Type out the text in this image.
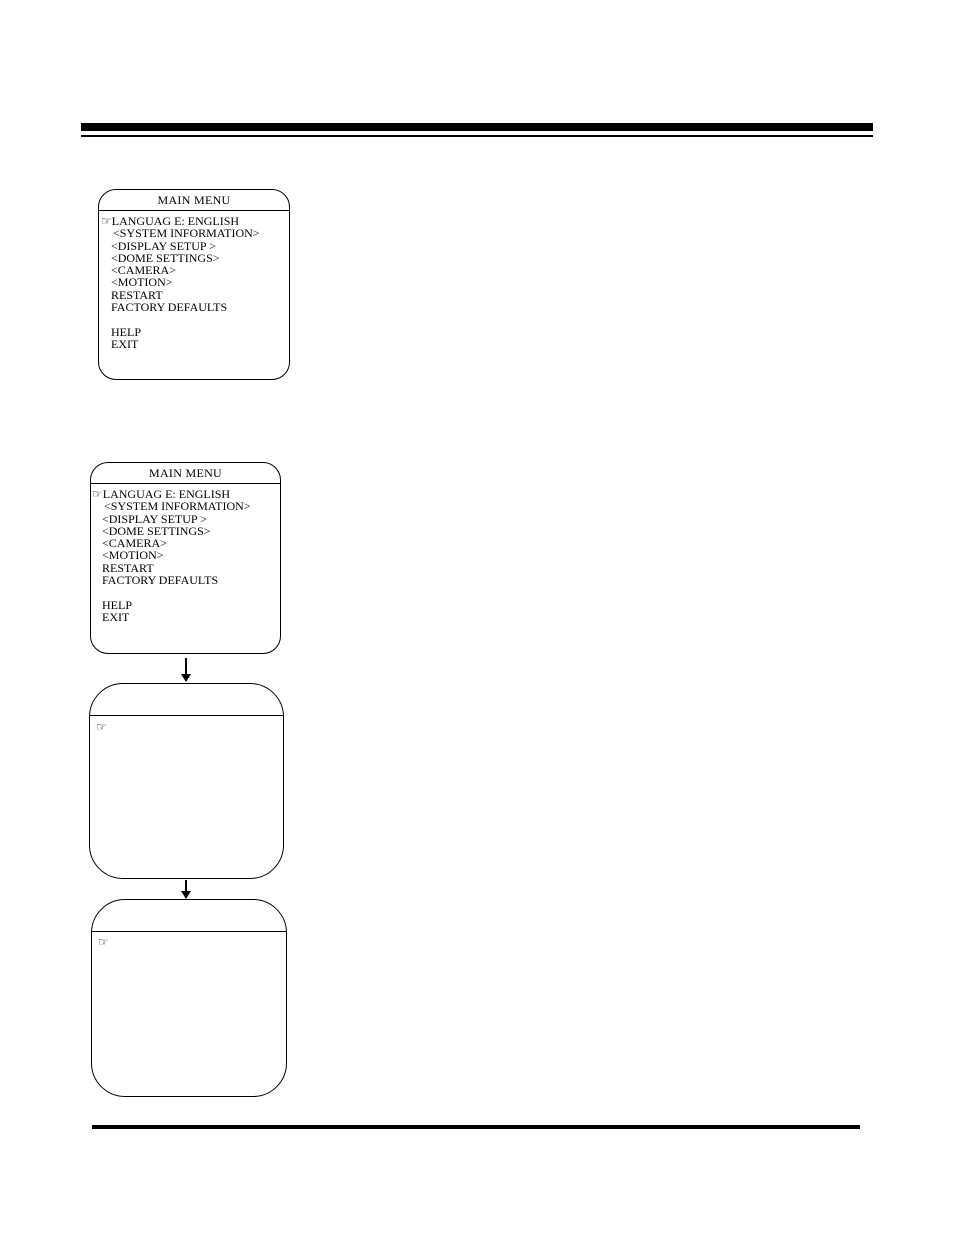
MAIN MENU
☞LANGUAG E: ENGLISH
<SYSTEM INFORMATION>
<DISPLAY SETUP >
<DOME SETTINGS>
<CAMERA>
<MOTION>
RESTART
FACTORY DEFAULTS

HELP
EXIT
MAIN MENU
☞LANGUAG E: ENGLISH
<SYSTEM INFORMATION>
<DISPLAY SETUP >
<DOME SETTINGS>
<CAMERA>
<MOTION>
RESTART
FACTORY DEFAULTS

HELP
EXIT
☞
☞
